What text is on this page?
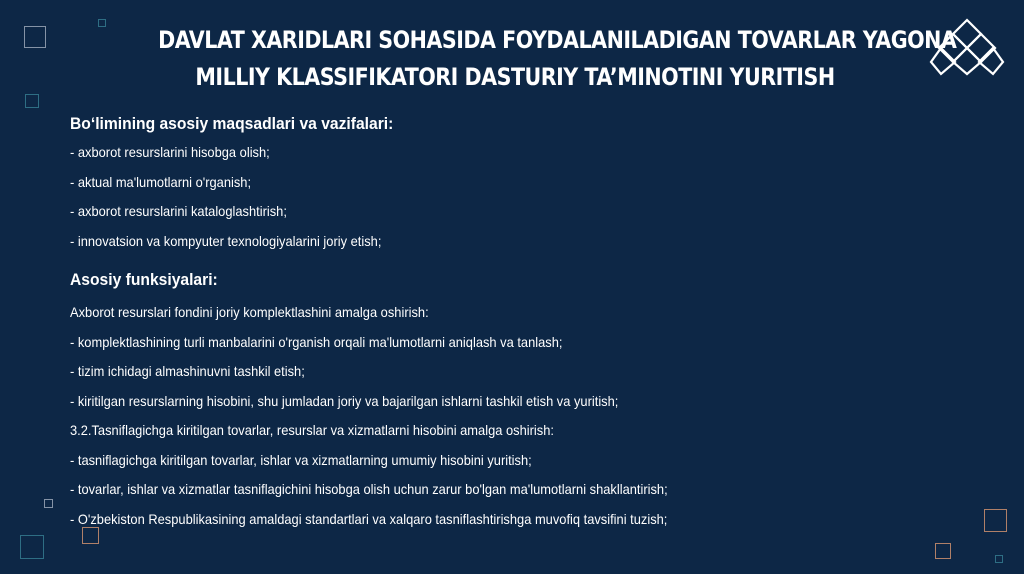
DAVLAT XARIDLARI SOHASIDA FOYDALANILADIGAN TOVARLAR YAGONA
MILLIY KLASSIFIKATORI DASTURIY TA’MINOTINI YURITISH
Bo‘limining asosiy maqsadlari va vazifalari:
- axborot resurslarini hisobga olish;
- aktual ma'lumotlarni o'rganish;
- axborot resurslarini kataloglashtirish;
- innovatsion va kompyuter texnologiyalarini joriy etish;
Asosiy funksiyalari:
Axborot resurslari fondini joriy komplektlashini amalga oshirish:
- komplektlashining turli manbalarini o'rganish orqali ma'lumotlarni aniqlash va tanlash;
- tizim ichidagi almashinuvni tashkil etish;
- kiritilgan resurslarning hisobini, shu jumladan joriy va bajarilgan ishlarni tashkil etish va yuritish;
3.2.Tasniflagichga kiritilgan tovarlar, resurslar va xizmatlarni hisobini amalga oshirish:
- tasniflagichga kiritilgan tovarlar, ishlar va xizmatlarning umumiy hisobini yuritish;
- tovarlar, ishlar va xizmatlar tasniflagichini hisobga olish uchun zarur bo'lgan ma'lumotlarni shakllantirish;
- O'zbekiston Respublikasining amaldagi standartlari va xalqaro tasniflashtirishga muvofiq tavsifini tuzish;
